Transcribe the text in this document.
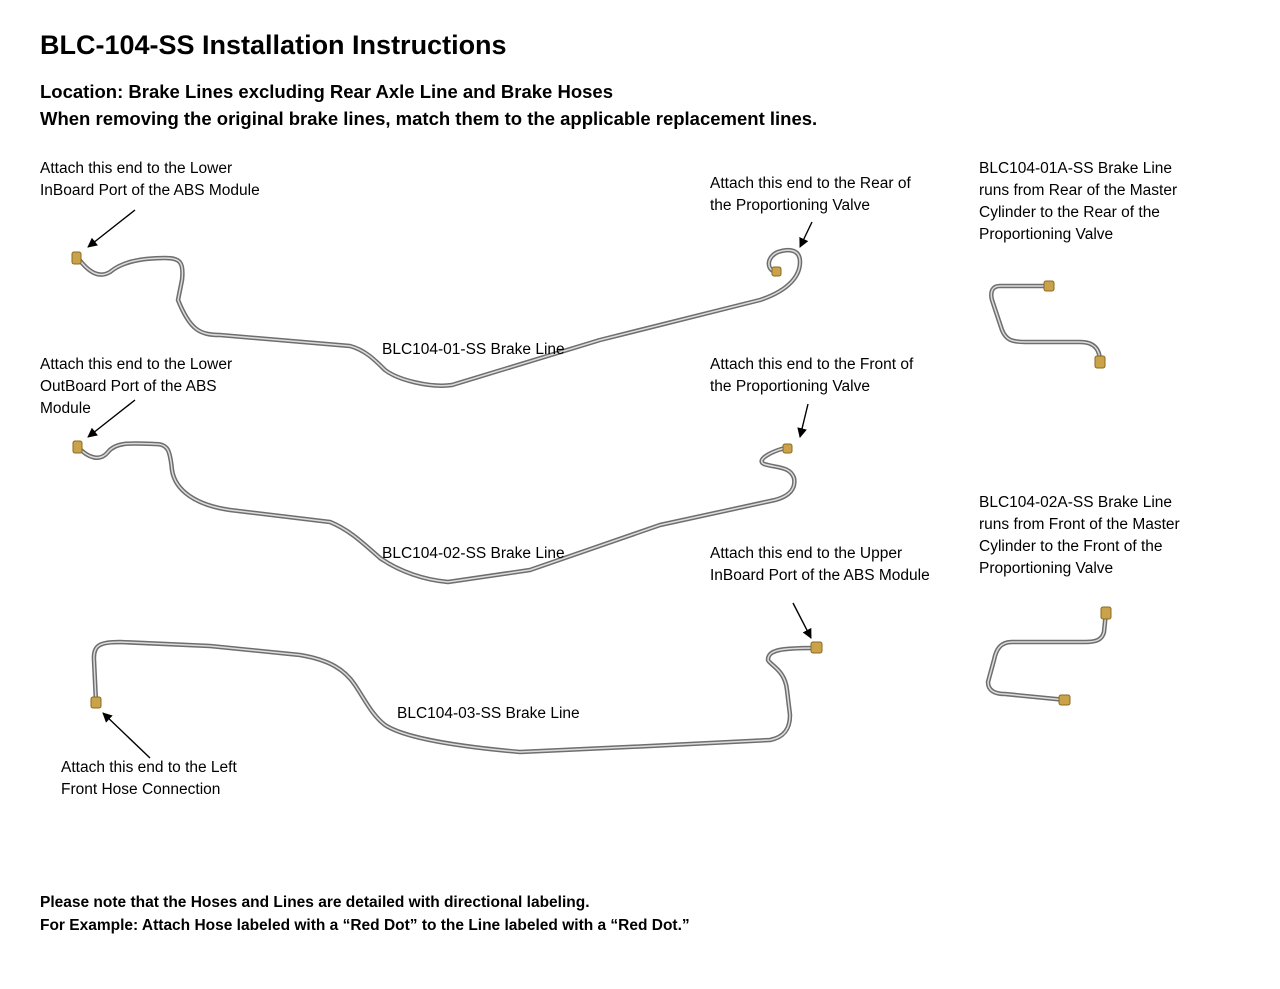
BLC-104-SS Installation Instructions
Location: Brake Lines excluding Rear Axle Line and Brake Hoses
When removing the original brake lines, match them to the applicable replacement lines.
Attach this end to the Lower
InBoard Port of the ABS Module	Attach this end to the Rear of
the Proportioning Valve
BLC104-01A-SS Brake Line
runs from Rear of the Master
Cylinder to the Rear of the
Proportioning Valve
BLC104-01-SS Brake Line
Attach this end to the Lower
OutBoard Port of the ABS
Module
Attach this end to the Front of
the Proportioning Valve
BLC104-02A-SS Brake Line
runs from Front of the Master
Cylinder to the Front of the
Proportioning Valve
BLC104-02-SS Brake Line	Attach this end to the Upper
InBoard Port of the ABS Module
BLC104-03-SS Brake Line
Attach this end to the Left
Front Hose Connection
Please note that the Hoses and Lines are detailed with directional labeling.
For Example: Attach Hose labeled with a “Red Dot” to the Line labeled with a “Red Dot.”
